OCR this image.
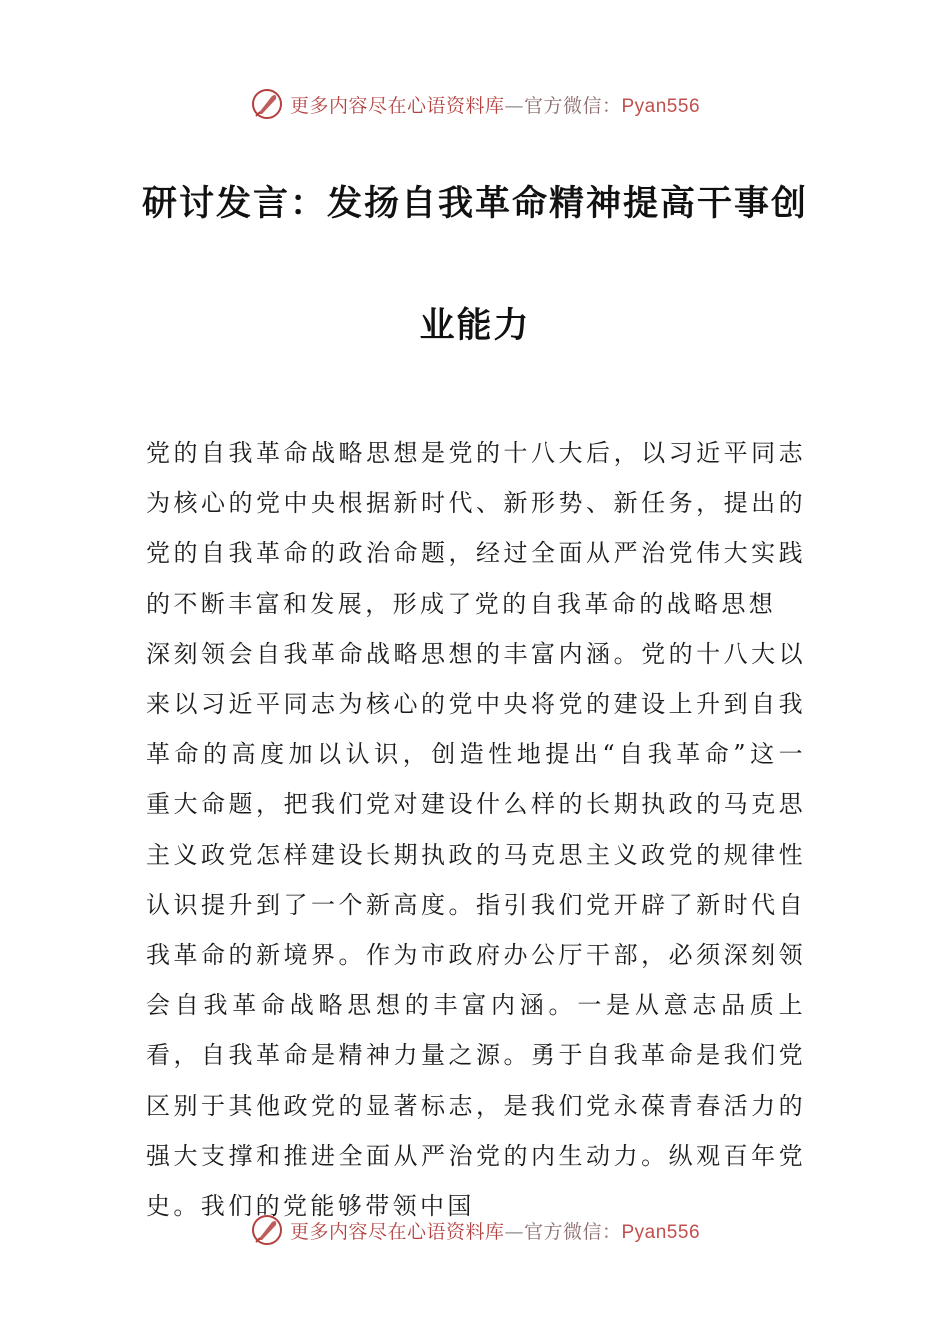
更多内容尽在心语资料库—官方微信：Pyan556
研讨发言：发扬自我革命精神提高干事创
业能力

党的自我革命战略思想是党的十八大后，以习近平同志为核心的党中央根据新时代、新形势、新任务，提出的党的自我革命的政治命题，经过全面从严治党伟大实践的不断丰富和发展，形成了党的自我革命的战略思想

深刻领会自我革命战略思想的丰富内涵。党的十八大以来以习近平同志为核心的党中央将党的建设上升到自我革命的高度加以认识，创造性地提出“自我革命”这一重大命题，把我们党对建设什么样的长期执政的马克思主义政党怎样建设长期执政的马克思主义政党的规律性认识提升到了一个新高度。指引我们党开辟了新时代自我革命的新境界。作为市政府办公厅干部，必须深刻领会自我革命战略思想的丰富内涵。一是从意志品质上看，自我革命是精神力量之源。勇于自我革命是我们党区别于其他政党的显著标志，是我们党永葆青春活力的强大支撑和推进全面从严治党的内生动力。纵观百年党史。我们的党能够带领中国

更多内容尽在心语资料库—官方微信：Pyan556
